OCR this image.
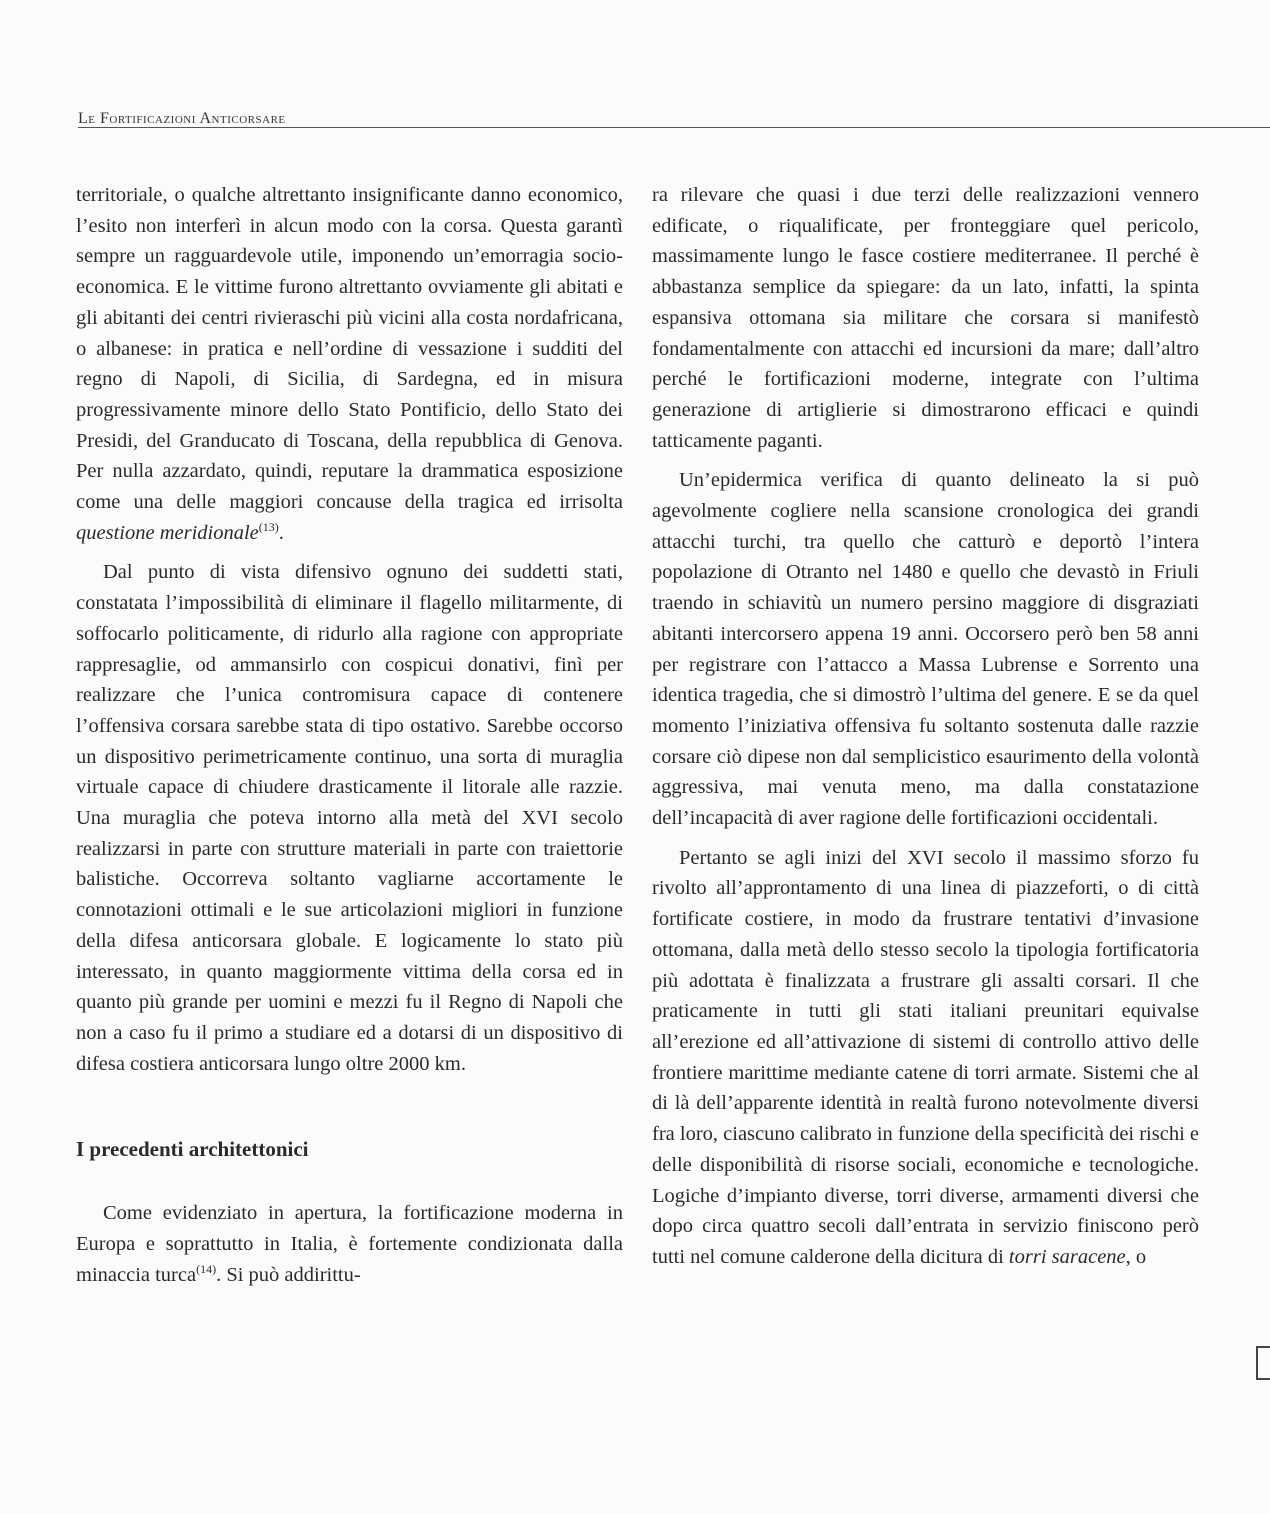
Le Fortificazioni Anticorsare

territoriale, o qualche altrettanto insignificante danno economico, l’esito non interferì in alcun modo con la corsa. Questa garantì sempre un ragguardevole utile, imponendo un’emorragia socio-economica. E le vittime furono altrettanto ovviamente gli abitati e gli abitanti dei centri rivieraschi più vicini alla costa nordafricana, o albanese: in pratica e nell’ordine di vessazione i sudditi del regno di Napoli, di Sicilia, di Sardegna, ed in misura progressivamente minore dello Stato Pontificio, dello Stato dei Presidi, del Granducato di Toscana, della repubblica di Genova. Per nulla azzardato, quindi, reputare la drammatica esposizione come una delle maggiori concause della tragica ed irrisolta questione meridionale$^{(13)}$.

Dal punto di vista difensivo ognuno dei suddetti stati, constatata l’impossibilità di eliminare il flagello militarmente, di soffocarlo politicamente, di ridurlo alla ragione con appropriate rappresaglie, od ammansirlo con cospicui donativi, finì per realizzare che l’unica contromisura capace di contenere l’offensiva corsara sarebbe stata di tipo ostativo. Sarebbe occorso un dispositivo perimetricamente continuo, una sorta di muraglia virtuale capace di chiudere drasticamente il litorale alle razzie. Una muraglia che poteva intorno alla metà del XVI secolo realizzarsi in parte con strutture materiali in parte con traiettorie balistiche. Occorreva soltanto vagliarne accortamente le connotazioni ottimali e le sue articolazioni migliori in funzione della difesa anticorsara globale. E logicamente lo stato più interessato, in quanto maggiormente vittima della corsa ed in quanto più grande per uomini e mezzi fu il Regno di Napoli che non a caso fu il primo a studiare ed a dotarsi di un dispositivo di difesa costiera anticorsara lungo oltre 2000 km.

I precedenti architettonici

Come evidenziato in apertura, la fortificazione moderna in Europa e soprattutto in Italia, è fortemente condizionata dalla minaccia turca$^{(14)}$. Si può addirittu-

ra rilevare che quasi i due terzi delle realizzazioni vennero edificate, o riqualificate, per fronteggiare quel pericolo, massimamente lungo le fasce costiere mediterranee. Il perché è abbastanza semplice da spiegare: da un lato, infatti, la spinta espansiva ottomana sia militare che corsara si manifestò fondamentalmente con attacchi ed incursioni da mare; dall’altro perché le fortificazioni moderne, integrate con l’ultima generazione di artiglierie si dimostrarono efficaci e quindi tatticamente paganti.

Un’epidermica verifica di quanto delineato la si può agevolmente cogliere nella scansione cronologica dei grandi attacchi turchi, tra quello che catturò e deportò l’intera popolazione di Otranto nel 1480 e quello che devastò in Friuli traendo in schiavitù un numero persino maggiore di disgraziati abitanti intercorsero appena 19 anni. Occorsero però ben 58 anni per registrare con l’attacco a Massa Lubrense e Sorrento una identica tragedia, che si dimostrò l’ultima del genere. E se da quel momento l’iniziativa offensiva fu soltanto sostenuta dalle razzie corsare ciò dipese non dal semplicistico esaurimento della volontà aggressiva, mai venuta meno, ma dalla constatazione dell’incapacità di aver ragione delle fortificazioni occidentali.

Pertanto se agli inizi del XVI secolo il massimo sforzo fu rivolto all’approntamento di una linea di piazzeforti, o di città fortificate costiere, in modo da frustrare tentativi d’invasione ottomana, dalla metà dello stesso secolo la tipologia fortificatoria più adottata è finalizzata a frustrare gli assalti corsari. Il che praticamente in tutti gli stati italiani preunitari equivalse all’erezione ed all’attivazione di sistemi di controllo attivo delle frontiere marittime mediante catene di torri armate. Sistemi che al di là dell’apparente identità in realtà furono notevolmente diversi fra loro, ciascuno calibrato in funzione della specificità dei rischi e delle disponibilità di risorse sociali, economiche e tecnologiche. Logiche d’impianto diverse, torri diverse, armamenti diversi che dopo circa quattro secoli dall’entrata in servizio finiscono però tutti nel comune calderone della dicitura di torri saracene, o
